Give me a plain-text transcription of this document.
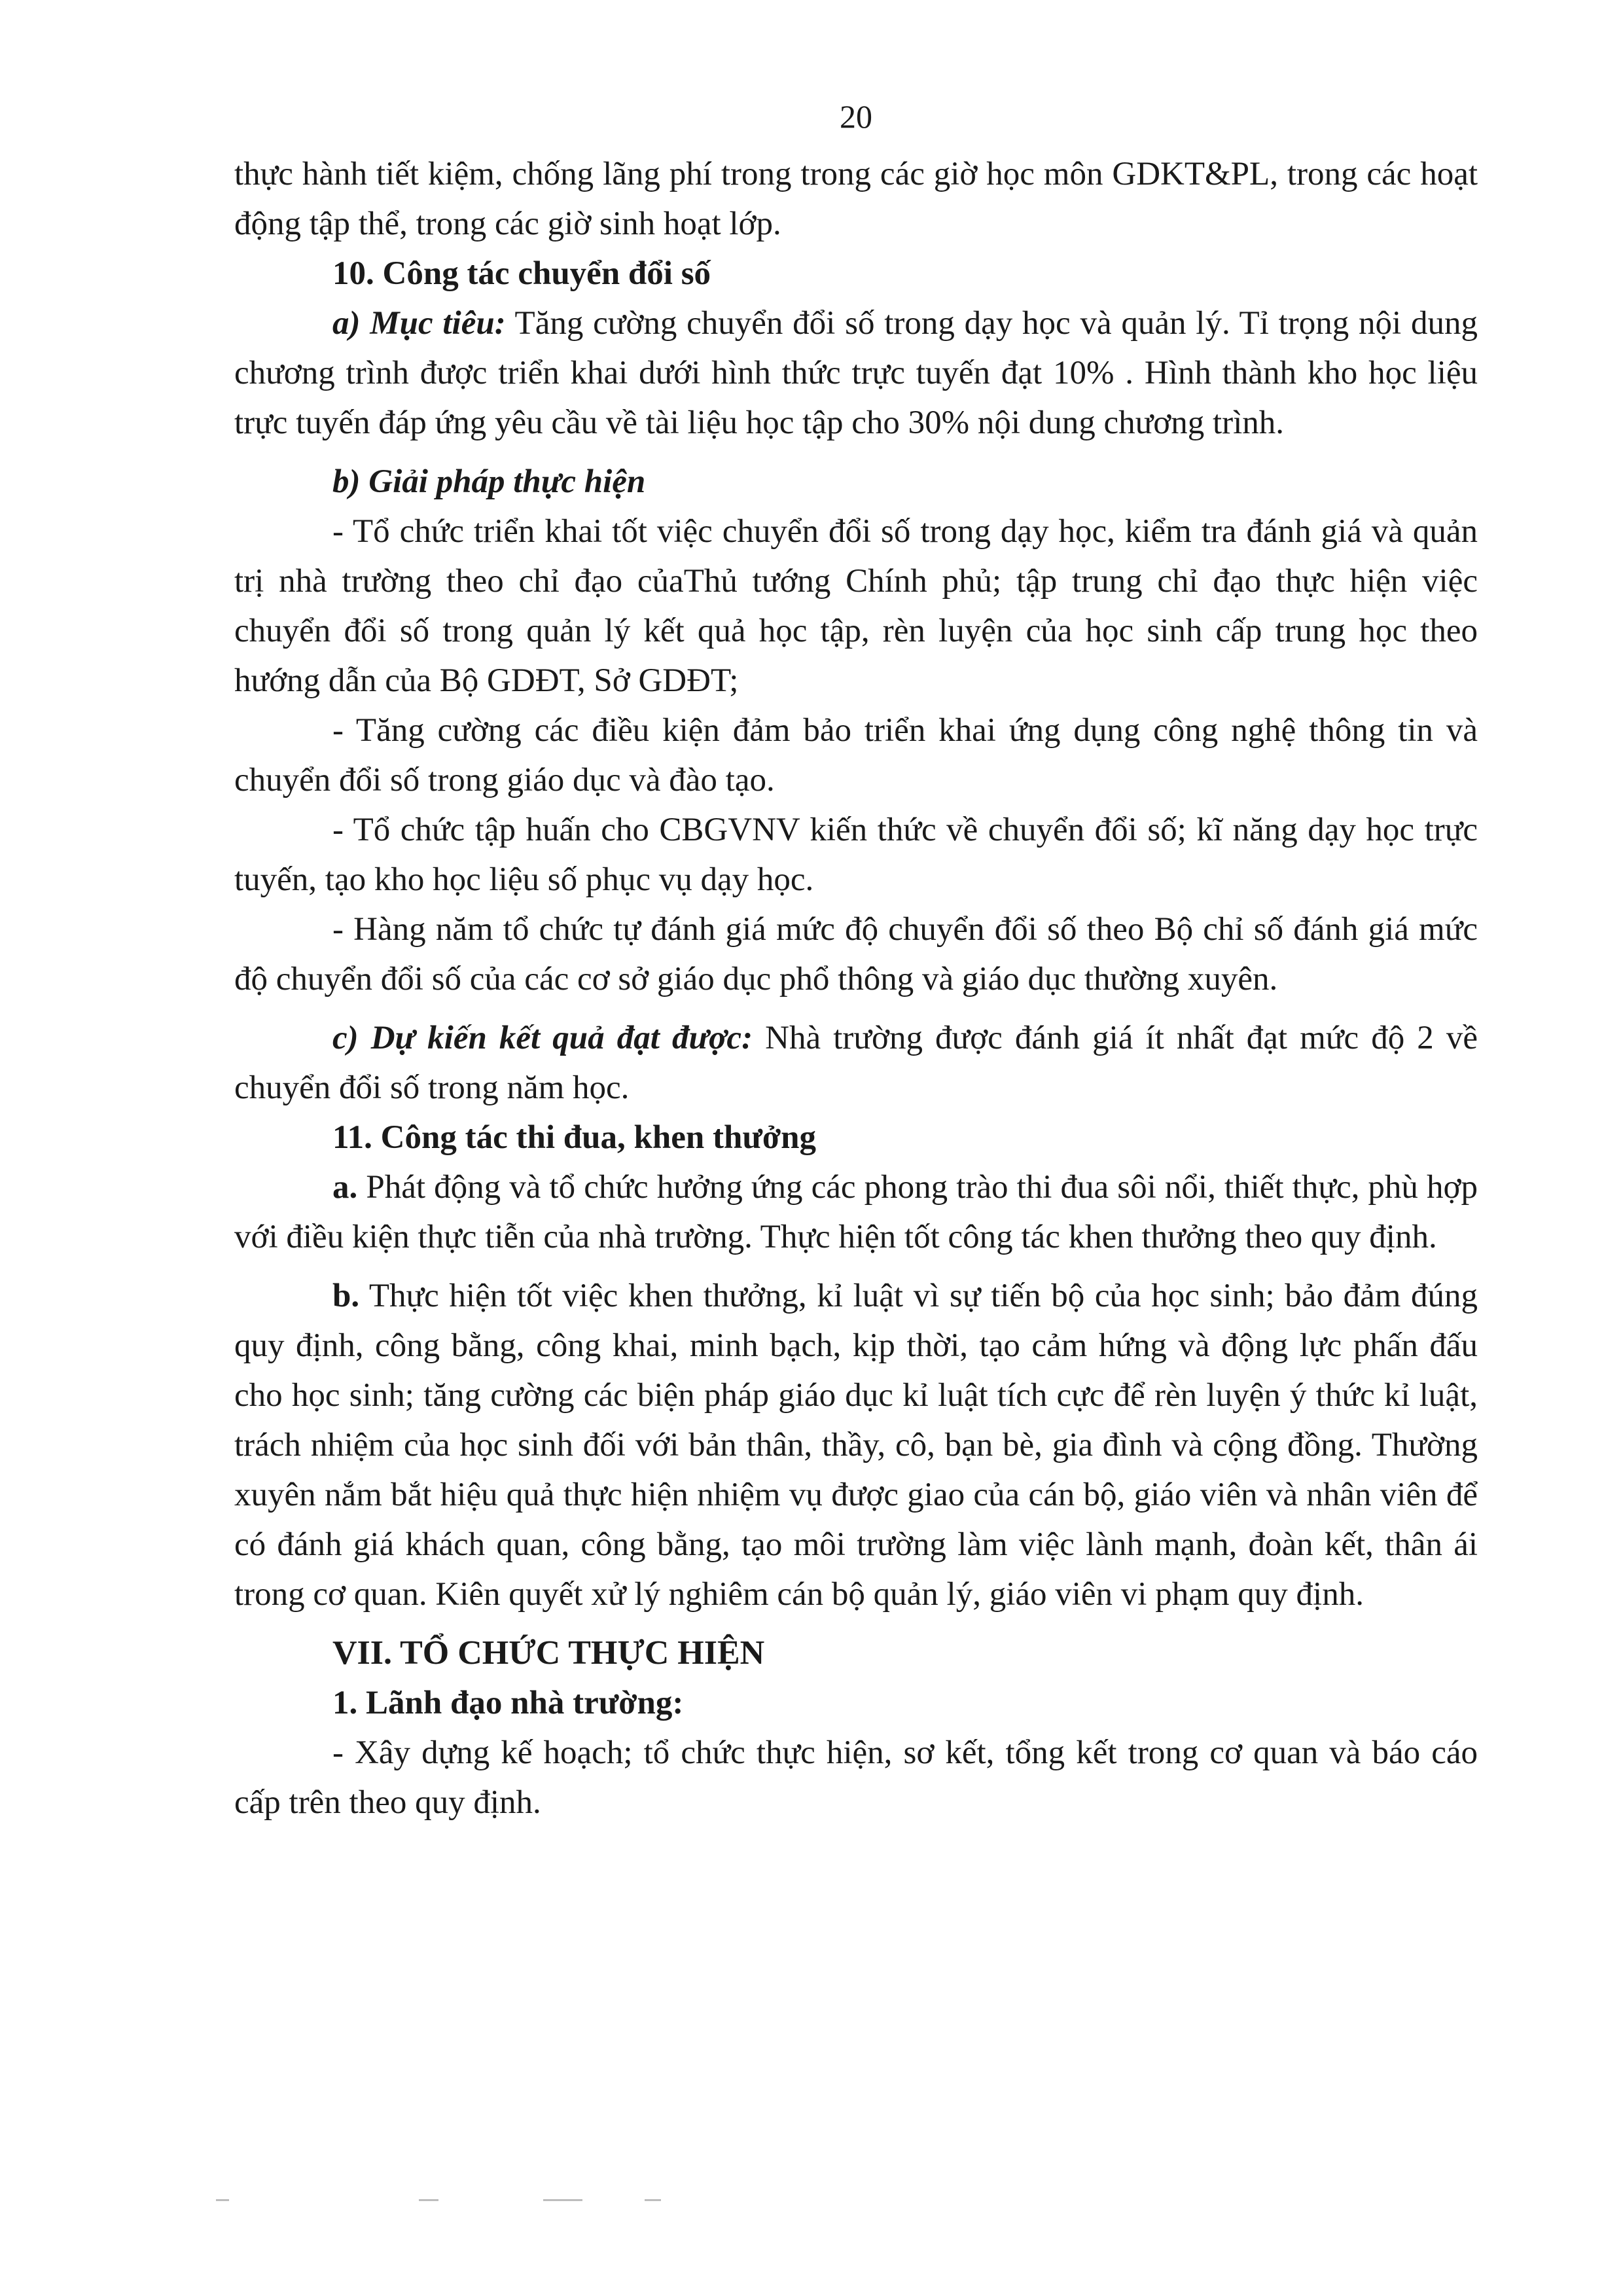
20

thực hành tiết kiệm, chống lãng phí trong trong các giờ học môn GDKT&PL, trong các hoạt động tập thể, trong các giờ sinh hoạt lớp.

10. Công tác chuyển đổi số

a) Mục tiêu: Tăng cường chuyển đổi số trong dạy học và quản lý. Tỉ trọng nội dung chương trình được triển khai dưới hình thức trực tuyến đạt 10% . Hình thành kho học liệu trực tuyến đáp ứng yêu cầu về tài liệu học tập cho 30% nội dung chương trình.

b) Giải pháp thực hiện

- Tổ chức triển khai tốt việc chuyển đổi số trong dạy học, kiểm tra đánh giá và quản trị nhà trường theo chỉ đạo củaThủ tướng Chính phủ; tập trung chỉ đạo thực hiện việc chuyển đổi số trong quản lý kết quả học tập, rèn luyện của học sinh cấp trung học theo hướng dẫn của Bộ GDĐT, Sở GDĐT;

- Tăng cường các điều kiện đảm bảo triển khai ứng dụng công nghệ thông tin và chuyển đổi số trong giáo dục và đào tạo.

- Tổ chức tập huấn cho CBGVNV kiến thức về chuyển đổi số; kĩ năng dạy học trực tuyến, tạo kho học liệu số phục vụ dạy học.

- Hàng năm tổ chức tự đánh giá mức độ chuyển đổi số theo Bộ chỉ số đánh giá mức độ chuyển đổi số của các cơ sở giáo dục phổ thông và giáo dục thường xuyên.

c) Dự kiến kết quả đạt được: Nhà trường được đánh giá ít nhất đạt mức độ 2 về chuyển đổi số trong năm học.

11. Công tác thi đua, khen thưởng

a. Phát động và tổ chức hưởng ứng các phong trào thi đua sôi nổi, thiết thực, phù hợp với điều kiện thực tiễn của nhà trường. Thực hiện tốt công tác khen thưởng theo quy định.

b. Thực hiện tốt việc khen thưởng, kỉ luật vì sự tiến bộ của học sinh; bảo đảm đúng quy định, công bằng, công khai, minh bạch, kịp thời, tạo cảm hứng và động lực phấn đấu cho học sinh; tăng cường các biện pháp giáo dục kỉ luật tích cực để rèn luyện ý thức kỉ luật, trách nhiệm của học sinh đối với bản thân, thầy, cô, bạn bè, gia đình và cộng đồng. Thường xuyên nắm bắt hiệu quả thực hiện nhiệm vụ được giao của cán bộ, giáo viên và nhân viên để có đánh giá khách quan, công bằng, tạo môi trường làm việc lành mạnh, đoàn kết, thân ái trong cơ quan. Kiên quyết xử lý nghiêm cán bộ quản lý, giáo viên vi phạm quy định.

VII. TỔ CHỨC THỰC HIỆN

1. Lãnh đạo nhà trường:

- Xây dựng kế hoạch; tổ chức thực hiện, sơ kết, tổng kết trong cơ quan và báo cáo cấp trên theo quy định.
